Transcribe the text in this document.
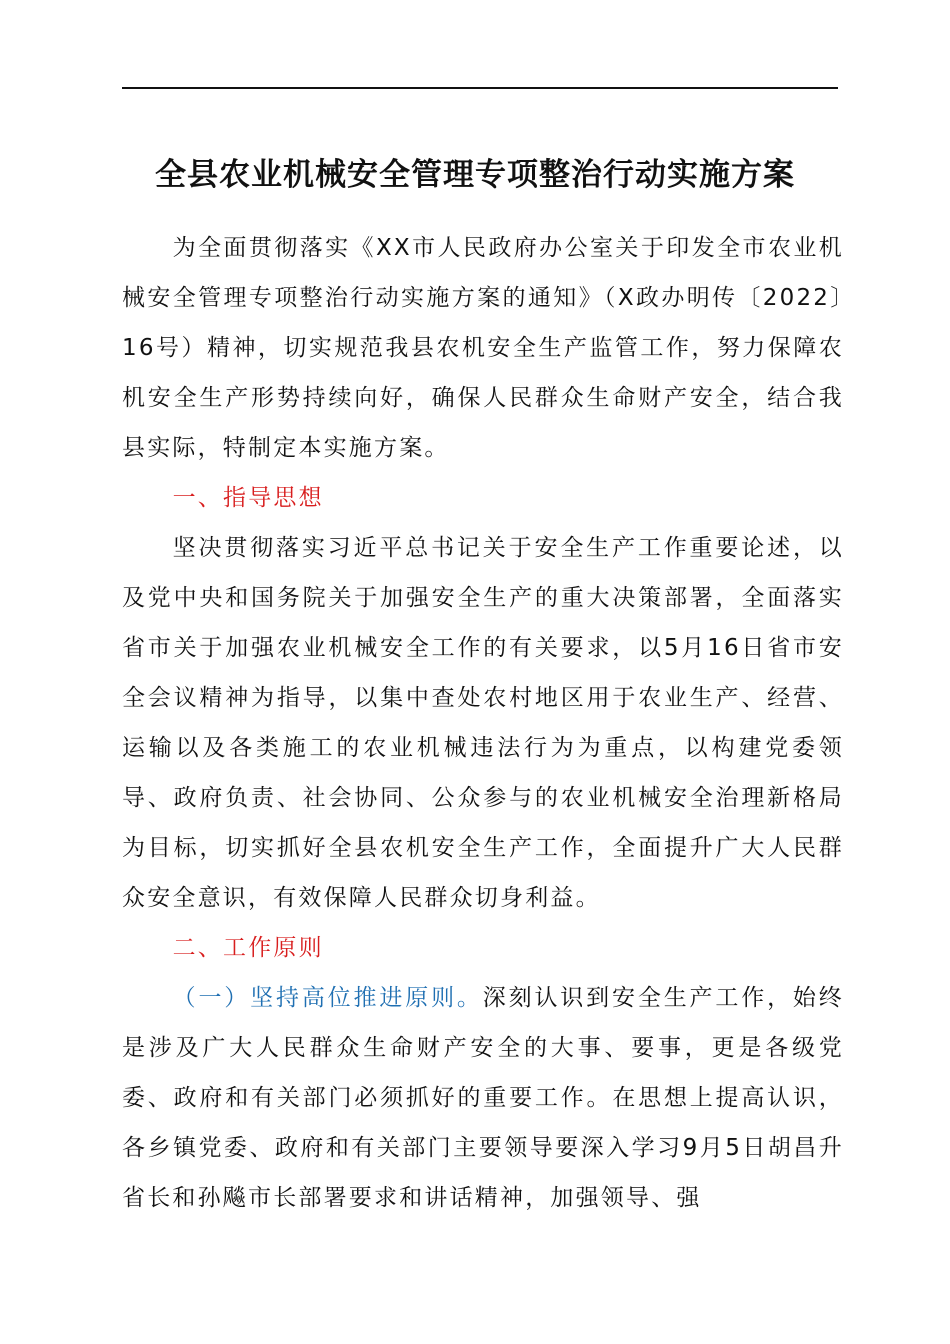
全县农业机械安全管理专项整治行动实施方案

为全面贯彻落实《XX市人民政府办公室关于印发全市农业机械安全管理专项整治行动实施方案的通知》（X政办明传〔2022〕16号）精神，切实规范我县农机安全生产监管工作，努力保障农机安全生产形势持续向好，确保人民群众生命财产安全，结合我县实际，特制定本实施方案。

一、指导思想

坚决贯彻落实习近平总书记关于安全生产工作重要论述，以及党中央和国务院关于加强安全生产的重大决策部署，全面落实省市关于加强农业机械安全工作的有关要求，以5月16日省市安全会议精神为指导，以集中查处农村地区用于农业生产、经营、运输以及各类施工的农业机械违法行为为重点，以构建党委领导、政府负责、社会协同、公众参与的农业机械安全治理新格局为目标，切实抓好全县农机安全生产工作，全面提升广大人民群众安全意识，有效保障人民群众切身利益。

二、工作原则

（一）坚持高位推进原则。深刻认识到安全生产工作，始终是涉及广大人民群众生命财产安全的大事、要事，更是各级党委、政府和有关部门必须抓好的重要工作。在思想上提高认识，各乡镇党委、政府和有关部门主要领导要深入学习9月5日胡昌升省长和孙飚市长部署要求和讲话精神，加强领导、强
